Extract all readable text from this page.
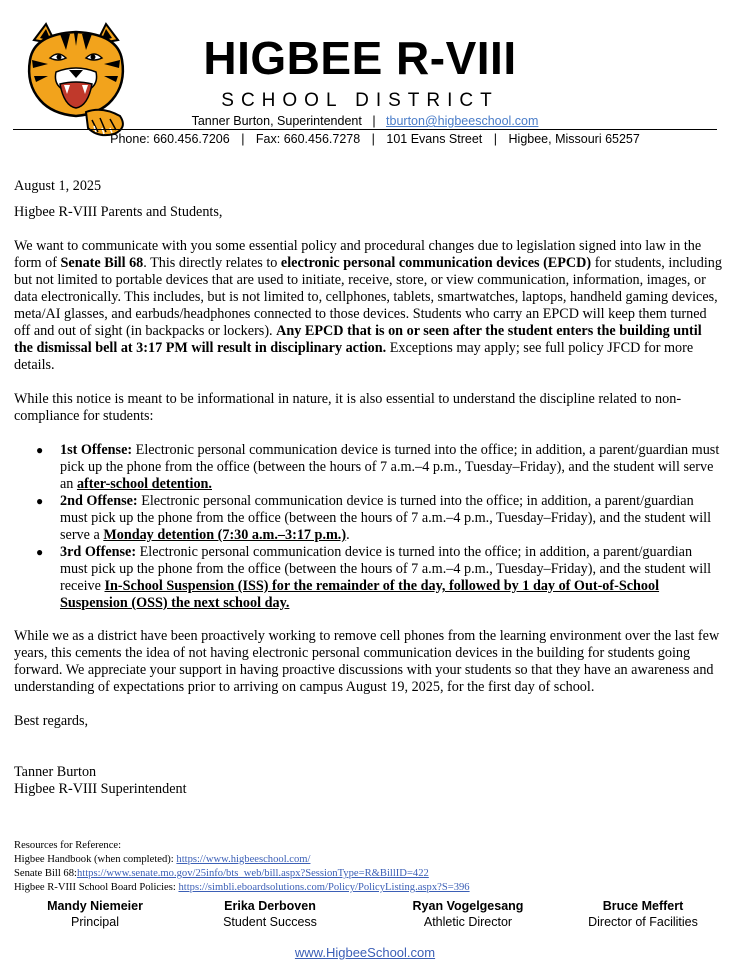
HIGBEE R-VIII
SCHOOL DISTRICT
Tanner Burton, Superintendent | tburton@higbeeschool.com
Phone: 660.456.7206 | Fax: 660.456.7278 | 101 Evans Street | Higbee, Missouri 65257

August 1, 2025

Higbee R-VIII Parents and Students,

We want to communicate with you some essential policy and procedural changes due to legislation signed into law in the form of Senate Bill 68. This directly relates to electronic personal communication devices (EPCD) for students, including but not limited to portable devices that are used to initiate, receive, store, or view communication, information, images, or data electronically. This includes, but is not limited to, cellphones, tablets, smartwatches, laptops, handheld gaming devices, meta/AI glasses, and earbuds/headphones connected to those devices. Students who carry an EPCD will keep them turned off and out of sight (in backpacks or lockers). Any EPCD that is on or seen after the student enters the building until the dismissal bell at 3:17 PM will result in disciplinary action. Exceptions may apply; see full policy JFCD for more details.

While this notice is meant to be informational in nature, it is also essential to understand the discipline related to non-compliance for students:

● 1st Offense: Electronic personal communication device is turned into the office; in addition, a parent/guardian must pick up the phone from the office (between the hours of 7 a.m.–4 p.m., Tuesday–Friday), and the student will serve an after-school detention.
● 2nd Offense: Electronic personal communication device is turned into the office; in addition, a parent/guardian must pick up the phone from the office (between the hours of 7 a.m.–4 p.m., Tuesday–Friday), and the student will serve a Monday detention (7:30 a.m.–3:17 p.m.).
● 3rd Offense: Electronic personal communication device is turned into the office; in addition, a parent/guardian must pick up the phone from the office (between the hours of 7 a.m.–4 p.m., Tuesday–Friday), and the student will receive In-School Suspension (ISS) for the remainder of the day, followed by 1 day of Out-of-School Suspension (OSS) the next school day.

While we as a district have been proactively working to remove cell phones from the learning environment over the last few years, this cements the idea of not having electronic personal communication devices in the building for students going forward. We appreciate your support in having proactive discussions with your students so that they have an awareness and understanding of expectations prior to arriving on campus August 19, 2025, for the first day of school.

Best regards,

Tanner Burton

Higbee R-VIII Superintendent

Resources for Reference:
Higbee Handbook (when completed): https://www.higbeeschool.com/
Senate Bill 68:https://www.senate.mo.gov/25info/bts_web/bill.aspx?SessionType=R&BillID=422
Higbee R-VIII School Board Policies: https://simbli.eboardsolutions.com/Policy/PolicyListing.aspx?S=396
Mandy Niemeier
Principal
Erika Derboven
Student Success
Ryan Vogelgesang
Athletic Director
Bruce Meffert
Director of Facilities
www.HigbeeSchool.com
